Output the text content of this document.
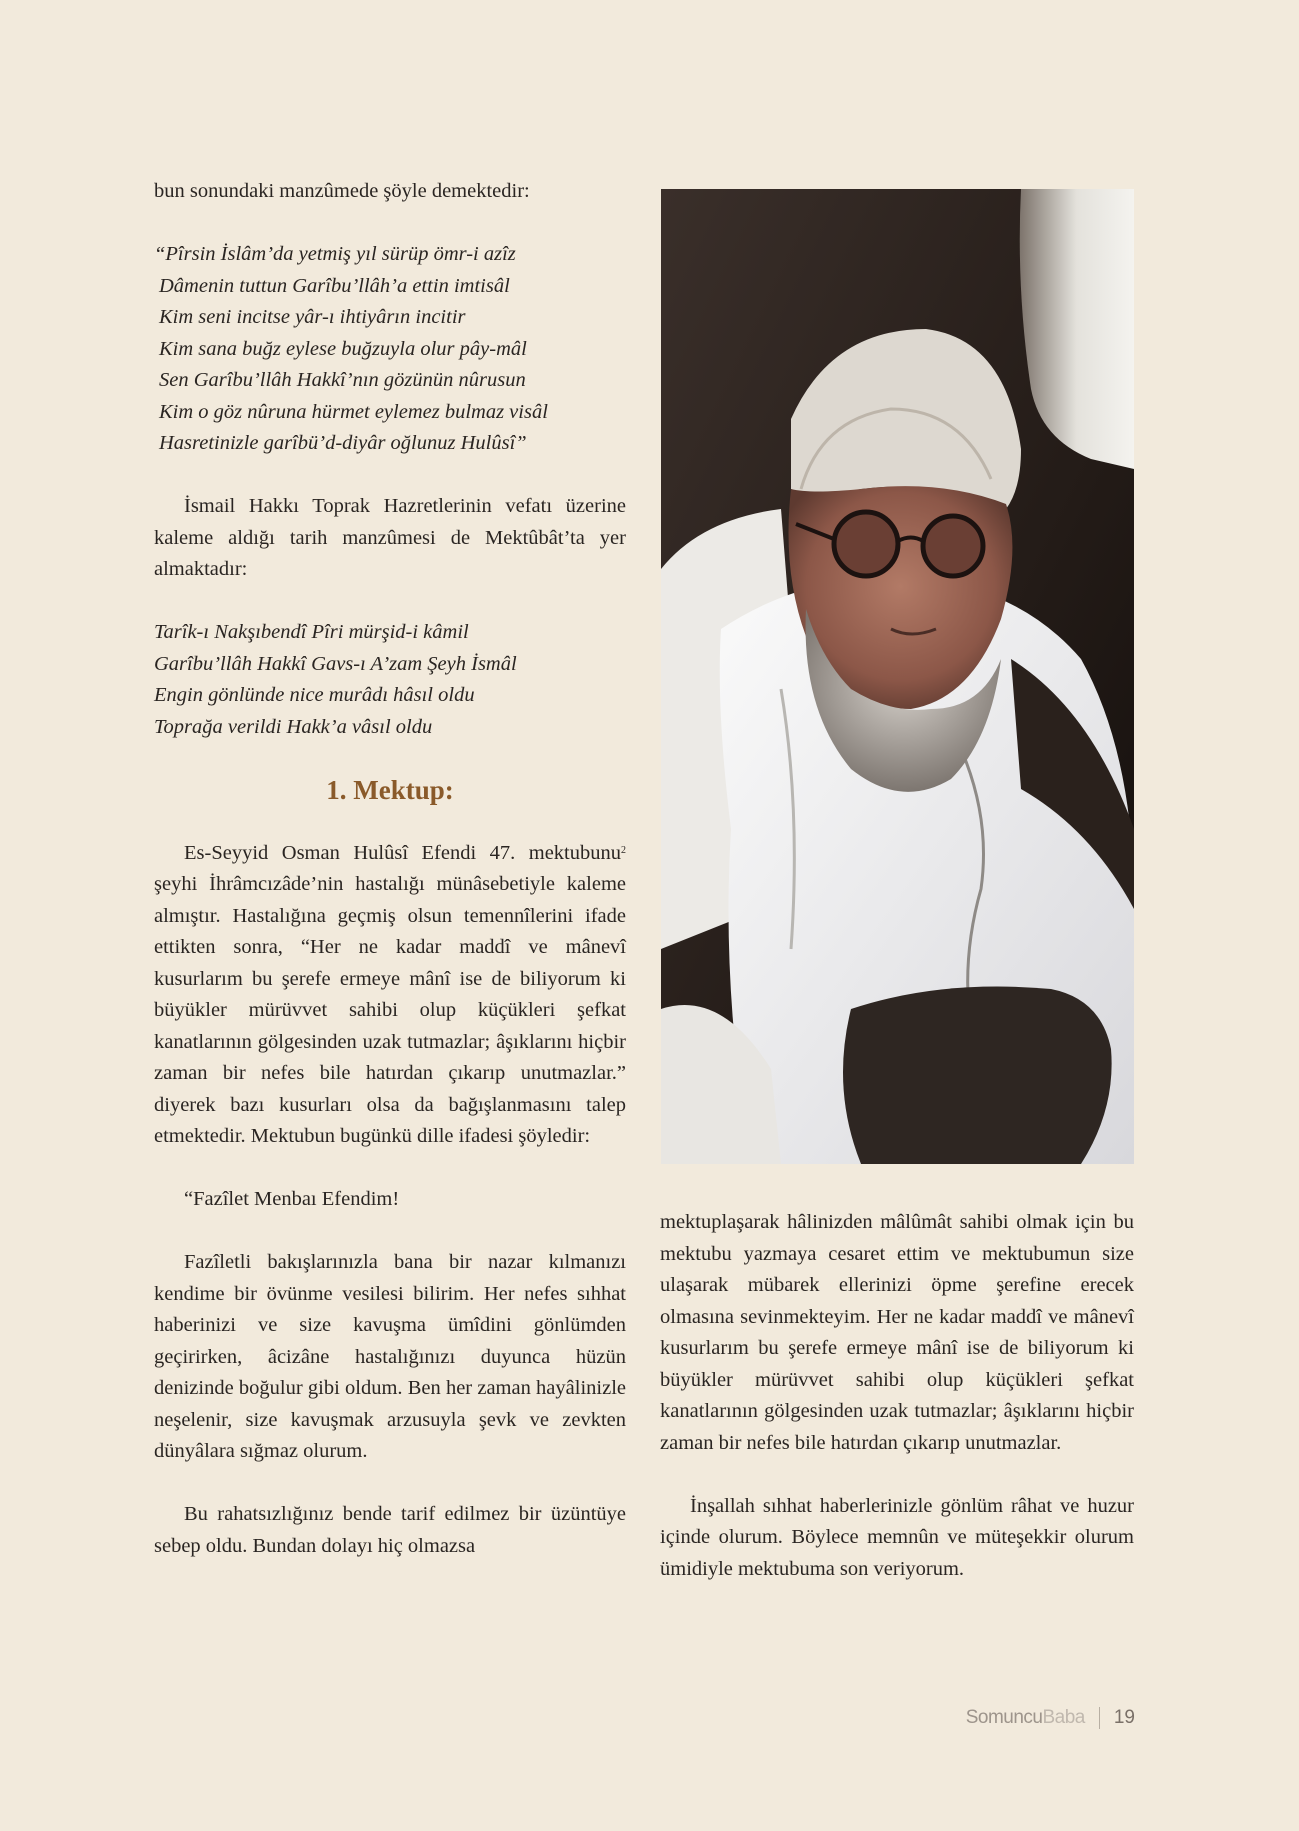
bun sonundaki manzûmede şöyle demektedir:

“Pîrsin İslâm’da yetmiş yıl sürüp ömr-i azîz
Dâmenin tuttun Garîbu’llâh’a ettin imtisâl
Kim seni incitse yâr-ı ihtiyârın incitir
Kim sana buğz eylese buğzuyla olur pây-mâl
Sen Garîbu’llâh Hakkî’nın gözünün nûrusun
Kim o göz nûruna hürmet eylemez bulmaz visâl
Hasretinizle garîbü’d-diyâr oğlunuz Hulûsî”

İsmail Hakkı Toprak Hazretlerinin vefatı üzerine kaleme aldığı tarih manzûmesi de Mektûbât’ta yer almaktadır:

Tarîk-ı Nakşıbendî Pîri mürşid-i kâmil
Garîbu’llâh Hakkî Gavs-ı A’zam Şeyh İsmâl
Engin gönlünde nice murâdı hâsıl oldu
Toprağa verildi Hakk’a vâsıl oldu
1. Mektup:

Es-Seyyid Osman Hulûsî Efendi 47. mektubunu$^2$ şeyhi İhrâmcızâde’nin hastalığı münâsebetiyle kaleme almıştır. Hastalığına geçmiş olsun temennîlerini ifade ettikten sonra, “Her ne kadar maddî ve mânevî kusurlarım bu şerefe ermeye mânî ise de biliyorum ki büyükler mürüvvet sahibi olup küçükleri şefkat kanatlarının gölgesinden uzak tutmazlar; âşıklarını hiçbir zaman bir nefes bile hatırdan çıkarıp unutmazlar.” diyerek bazı kusurları olsa da bağışlanmasını talep etmektedir. Mektubun bugünkü dille ifadesi şöyledir:

“Fazîlet Menbaı Efendim!

Fazîletli bakışlarınızla bana bir nazar kılmanızı kendime bir övünme vesilesi bilirim. Her nefes sıhhat haberinizi ve size kavuşma ümîdini gönlümden geçirirken, âcizâne hastalığınızı duyunca hüzün denizinde boğulur gibi oldum. Ben her zaman hayâlinizle neşelenir, size kavuşmak arzusuyla şevk ve zevkten dünyâlara sığmaz olurum.

Bu rahatsızlığınız bende tarif edilmez bir üzüntüye sebep oldu. Bundan dolayı hiç olmazsa

mektuplaşarak hâlinizden mâlûmât sahibi olmak için bu mektubu yazmaya cesaret ettim ve mektubumun size ulaşarak mübarek ellerinizi öpme şerefine erecek olmasına sevinmekteyim. Her ne kadar maddî ve mânevî kusurlarım bu şerefe ermeye mânî ise de biliyorum ki büyükler mürüvvet sahibi olup küçükleri şefkat kanatlarının gölgesinden uzak tutmazlar; âşıklarını hiçbir zaman bir nefes bile hatırdan çıkarıp unutmazlar.

İnşallah sıhhat haberlerinizle gönlüm râhat ve huzur içinde olurum. Böylece memnûn ve müteşekkir olurum ümidiyle mektubuma son veriyorum.

SomuncuBaba 19
